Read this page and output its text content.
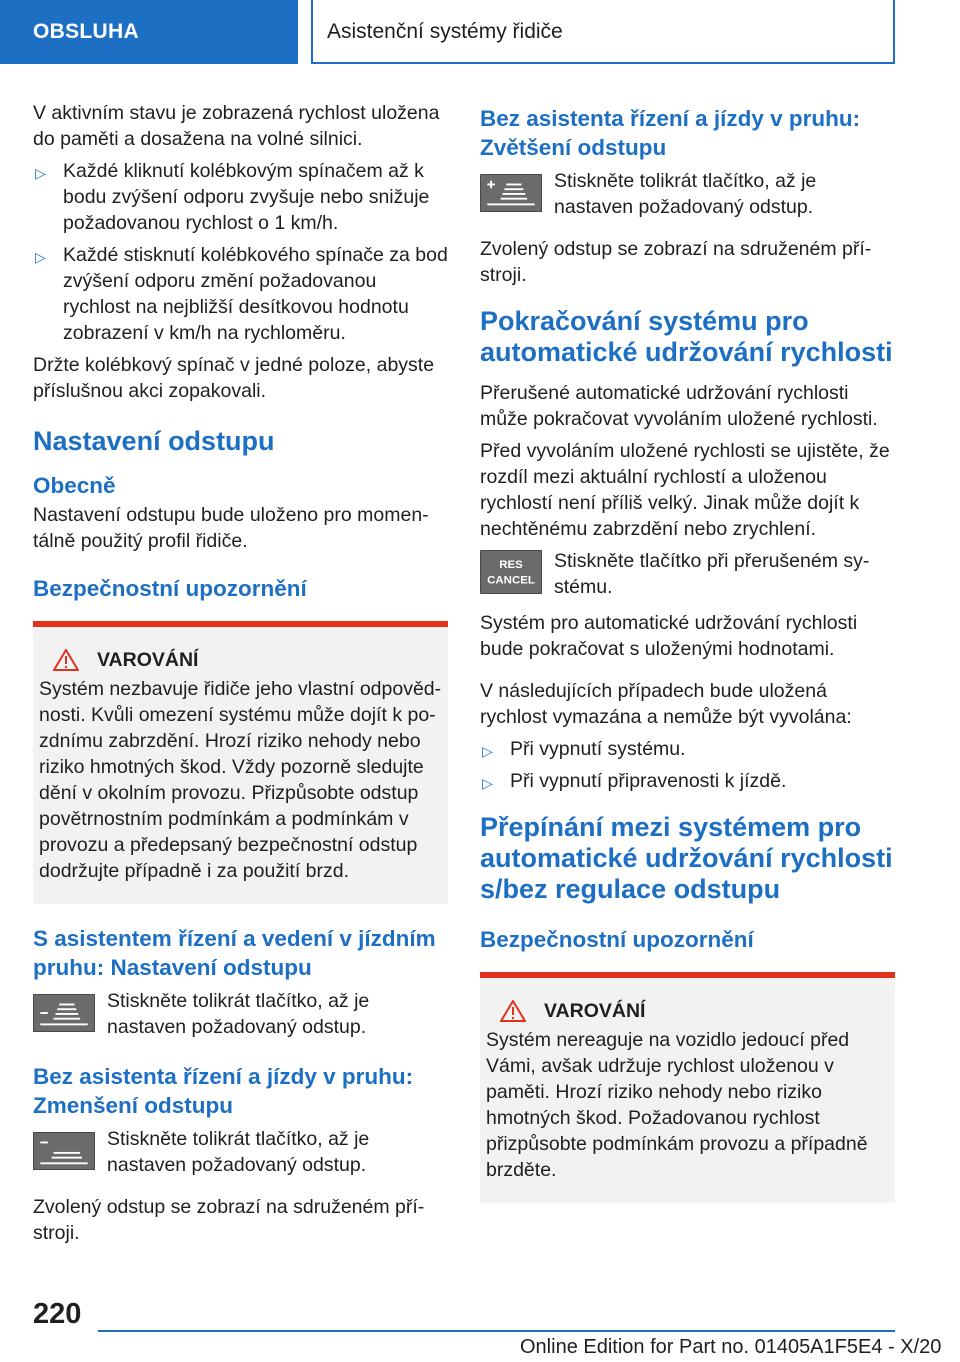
OBSLUHA	Asistenční systémy řidiče

V aktivním stavu je zobrazená rychlost uložena do paměti a dosažena na volné silnici.

▷ Každé kliknutí kolébkovým spínačem až k bodu zvýšení odporu zvyšuje nebo snižuje požadovanou rychlost o 1 km/h.
▷ Každé stisknutí kolébkového spínače za bod zvýšení odporu změní požadovanou rychlost na nejbližší desítkovou hodnotu zobrazení v km/h na rychloměru.

Držte kolébkový spínač v jedné poloze, abyste příslušnou akci zopakovali.

Nastavení odstupu
Obecně

Nastavení odstupu bude uloženo pro momentálně použitý profil řidiče.

Bezpečnostní upozornění
VAROVÁNÍ
Systém nezbavuje řidiče jeho vlastní odpovědnosti. Kvůli omezení systému může dojít k pozdnímu zabrzdění. Hrozí riziko nehody nebo riziko hmotných škod. Vždy pozorně sledujte dění v okolním provozu. Přizpůsobte odstup povětrnostním podmínkám a podmínkám v provozu a předepsaný bezpečnostní odstup dodržujte případně i za použití brzd.
S asistentem řízení a vedení v jízdním pruhu: Nastavení odstupu
Stiskněte tolikrát tlačítko, až je nastaven požadovaný odstup.
Bez asistenta řízení a jízdy v pruhu: Zmenšení odstupu
Stiskněte tolikrát tlačítko, až je nastaven požadovaný odstup.

Zvolený odstup se zobrazí na sdruženém přístroji.

Bez asistenta řízení a jízdy v pruhu: Zvětšení odstupu
Stiskněte tolikrát tlačítko, až je nastaven požadovaný odstup.

Zvolený odstup se zobrazí na sdruženém přístroji.

Pokračování systému pro automatické udržování rychlosti

Přerušené automatické udržování rychlosti může pokračovat vyvoláním uložené rychlosti.

Před vyvoláním uložené rychlosti se ujistěte, že rozdíl mezi aktuální rychlostí a uloženou rychlostí není příliš velký. Jinak může dojít k nechtěnému zabrzdění nebo zrychlení.

RES
CANCEL
Stiskněte tlačítko při přerušeném systému.

Systém pro automatické udržování rychlosti bude pokračovat s uloženými hodnotami.

V následujících případech bude uložená rychlost vymazána a nemůže být vyvolána:

▷ Při vypnutí systému.
▷ Při vypnutí připravenosti k jízdě.
Přepínání mezi systémem pro automatické udržování rychlosti s/bez regulace odstupu
Bezpečnostní upozornění
VAROVÁNÍ
Systém nereaguje na vozidlo jedoucí před Vámi, avšak udržuje rychlost uloženou v paměti. Hrozí riziko nehody nebo riziko hmotných škod. Požadovanou rychlost přizpůsobte podmínkám provozu a případně brzděte.
220
Online Edition for Part no. 01405A1F5E4 - X/20
